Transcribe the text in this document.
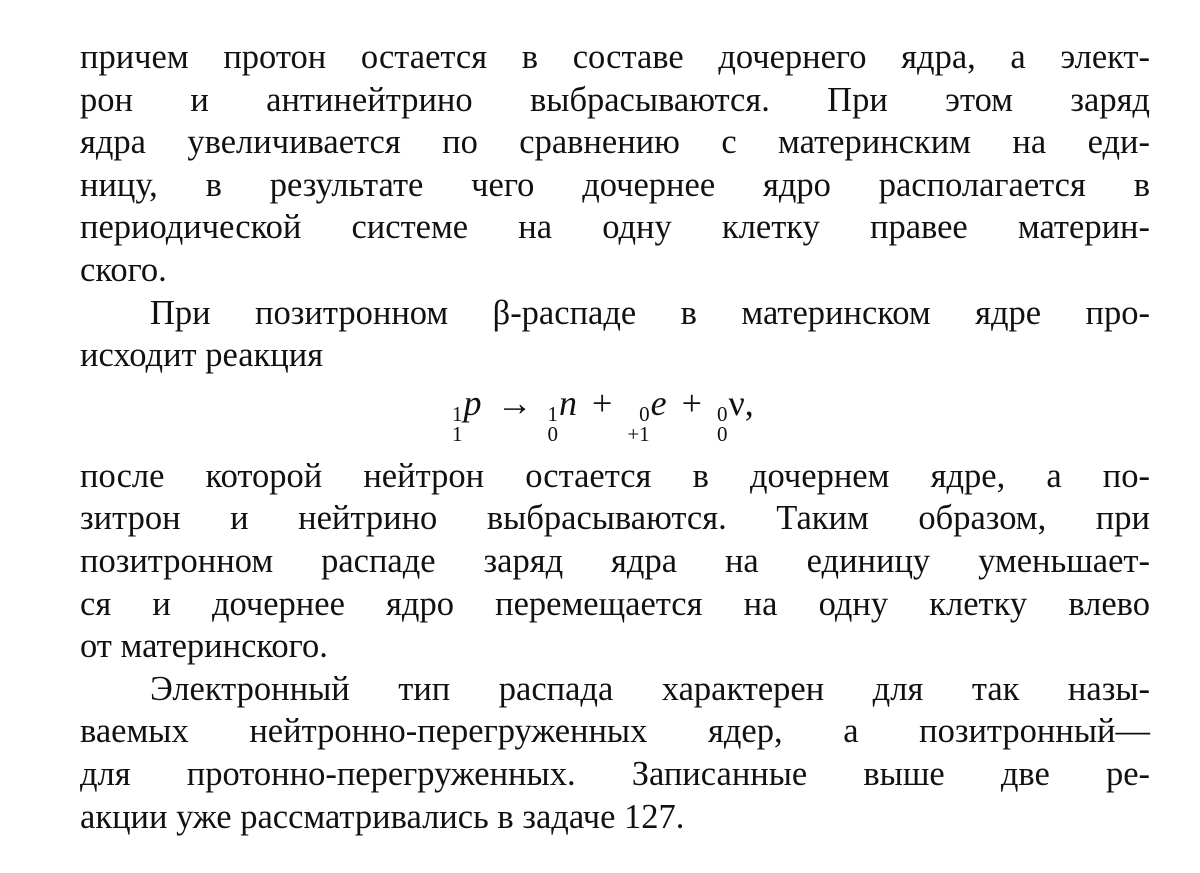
причем протон остается в составе дочернего ядра, а элект-
рон и антинейтрино выбрасываются. При этом заряд
ядра увеличивается по сравнению с материнским на еди-
ницу, в результате чего дочернее ядро располагается в
периодической системе на одну клетку правее материн-
ского.
При позитронном β-распаде в материнском ядре про-
исходит реакция
1
1
p → 1
0
n + 0
+1
e + 0
0
ν,
после которой нейтрон остается в дочернем ядре, а по-
зитрон и нейтрино выбрасываются. Таким образом, при
позитронном распаде заряд ядра на единицу уменьшает-
ся и дочернее ядро перемещается на одну клетку влево
от материнского.
Электронный тип распада характерен для так назы-
ваемых нейтронно-перегруженных ядер, а позитронный—
для протонно-перегруженных. Записанные выше две ре-
акции уже рассматривались в задаче 127.
